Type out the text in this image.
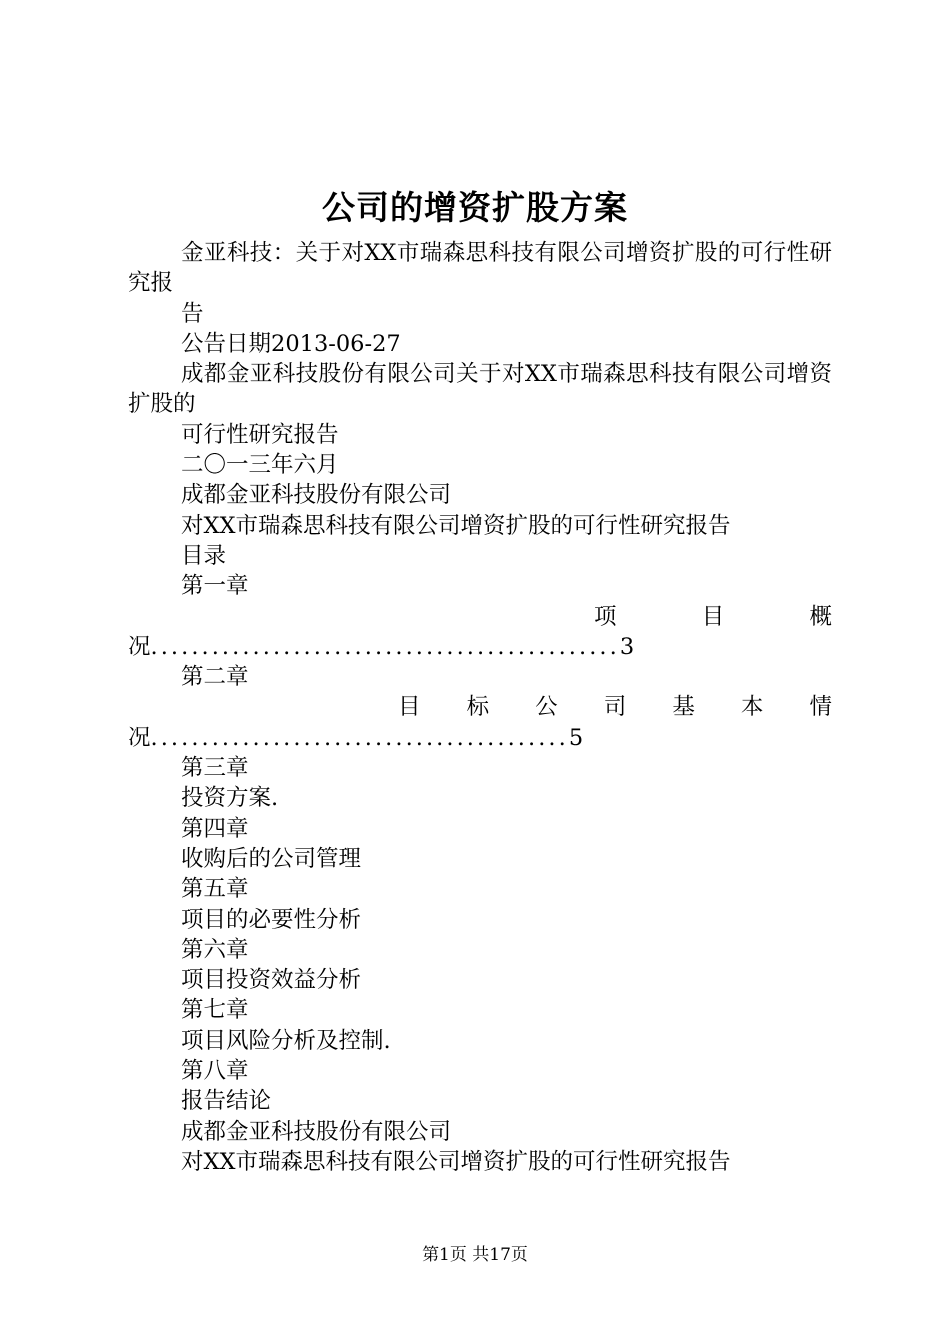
公司的增资扩股方案

金亚科技：关于对XX市瑞森思科技有限公司增资扩股的可行性研究报

告

公告日期2013-06-27

成都金亚科技股份有限公司关于对XX市瑞森思科技有限公司增资扩股的

可行性研究报告

二〇一三年六月

成都金亚科技股份有限公司

对XX市瑞森思科技有限公司增资扩股的可行性研究报告

目录

第一章

项 目 概
况..............................................3

第二章

目 标 公 司 基 本 情
况.........................................5

第三章

投资方案.

第四章

收购后的公司管理

第五章

项目的必要性分析

第六章

项目投资效益分析

第七章

项目风险分析及控制.

第八章

报告结论

成都金亚科技股份有限公司

对XX市瑞森思科技有限公司增资扩股的可行性研究报告

第1页 共17页
